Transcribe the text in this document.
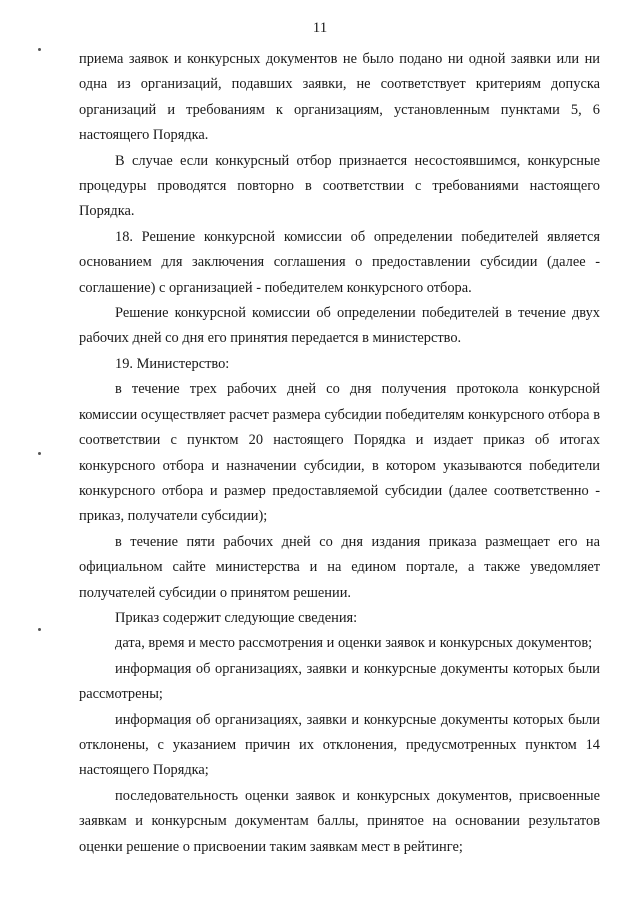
11

приема заявок и конкурсных документов не было подано ни одной заявки или ни одна из организаций, подавших заявки, не соответствует критериям допуска организаций и требованиям к организациям, установленным пунктами 5, 6 настоящего Порядка.

В случае если конкурсный отбор признается несостоявшимся, конкурсные процедуры проводятся повторно в соответствии с требованиями настоящего Порядка.

18. Решение конкурсной комиссии об определении победителей является основанием для заключения соглашения о предоставлении субсидии (далее - соглашение) с организацией - победителем конкурсного отбора.

Решение конкурсной комиссии об определении победителей в течение двух рабочих дней со дня его принятия передается в министерство.

19. Министерство:

в течение трех рабочих дней со дня получения протокола конкурсной комиссии осуществляет расчет размера субсидии победителям конкурсного отбора в соответствии с пунктом 20 настоящего Порядка и издает приказ об итогах конкурсного отбора и назначении субсидии, в котором указываются победители конкурсного отбора и размер предоставляемой субсидии (далее соответственно - приказ, получатели субсидии);

в течение пяти рабочих дней со дня издания приказа размещает его на официальном сайте министерства и на едином портале, а также уведомляет получателей субсидии о принятом решении.

Приказ содержит следующие сведения:

дата, время и место рассмотрения и оценки заявок и конкурсных документов;

информация об организациях, заявки и конкурсные документы которых были рассмотрены;

информация об организациях, заявки и конкурсные документы которых были отклонены, с указанием причин их отклонения, предусмотренных пунктом 14 настоящего Порядка;

последовательность оценки заявок и конкурсных документов, присвоенные заявкам и конкурсным документам баллы, принятое на основании результатов оценки решение о присвоении таким заявкам мест в рейтинге;
